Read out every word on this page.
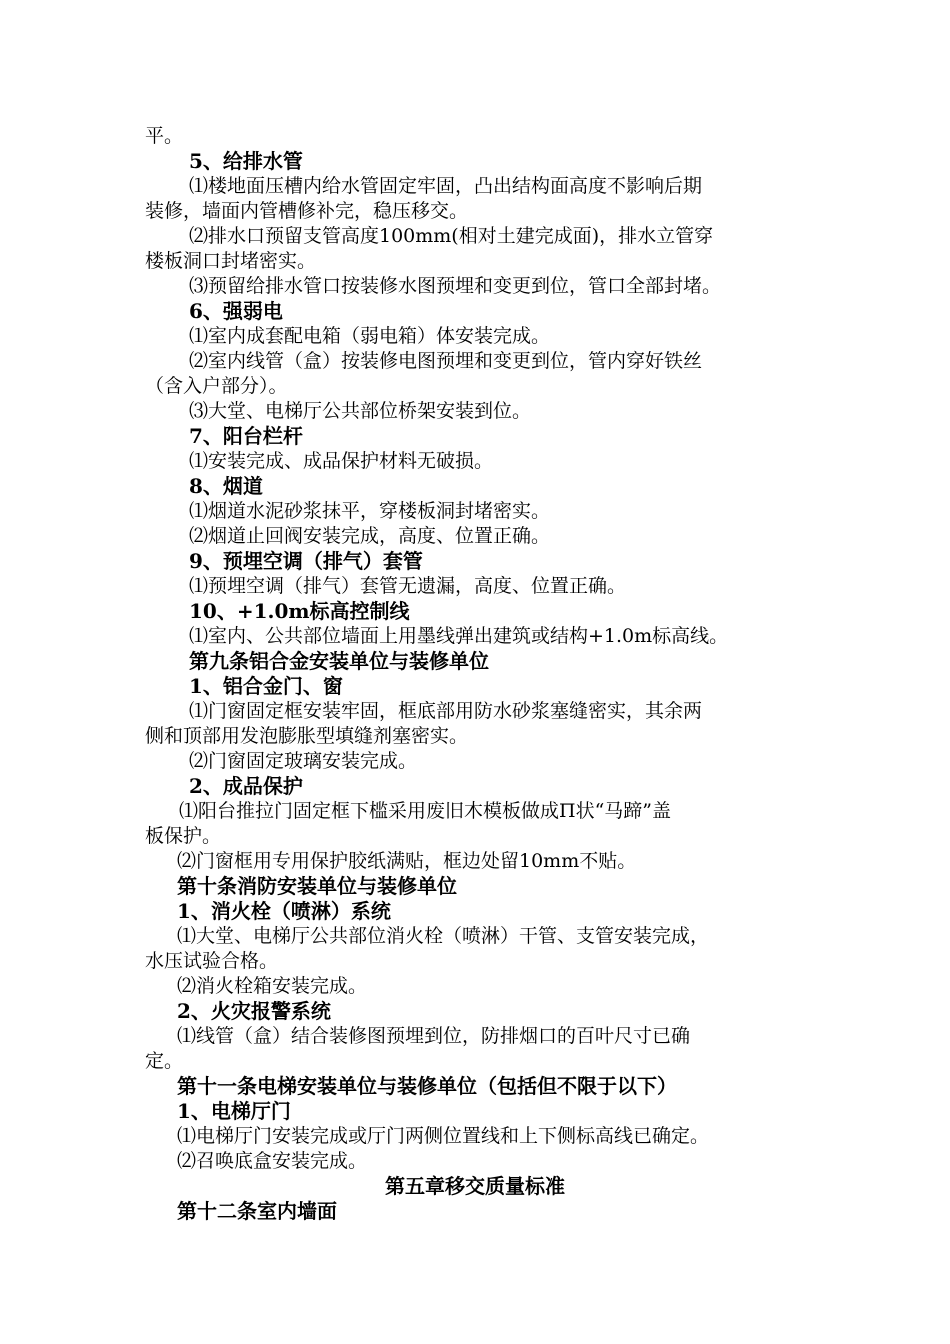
平。
5、给排水管
⑴楼地面压槽内给水管固定牢固，凸出结构面高度不影响后期
装修，墙面内管槽修补完，稳压移交。
⑵排水口预留支管高度100mm(相对土建完成面)，排水立管穿
楼板洞口封堵密实。
⑶预留给排水管口按装修水图预埋和变更到位，管口全部封堵。
6、强弱电
⑴室内成套配电箱（弱电箱）体安装完成。
⑵室内线管（盒）按装修电图预埋和变更到位，管内穿好铁丝
（含入户部分）。
⑶大堂、电梯厅公共部位桥架安装到位。
7、阳台栏杆
⑴安装完成、成品保护材料无破损。
8、烟道
⑴烟道水泥砂浆抹平，穿楼板洞封堵密实。
⑵烟道止回阀安装完成，高度、位置正确。
9、预埋空调（排气）套管
⑴预埋空调（排气）套管无遗漏，高度、位置正确。
10、+1.0m标高控制线
⑴室内、公共部位墙面上用墨线弹出建筑或结构+1.0m标高线。
第九条铝合金安装单位与装修单位
1、铝合金门、窗
⑴门窗固定框安装牢固，框底部用防水砂浆塞缝密实，其余两
侧和顶部用发泡膨胀型填缝剂塞密实。
⑵门窗固定玻璃安装完成。
2、成品保护
⑴阳台推拉门固定框下槛采用废旧木模板做成Π状“马蹄”盖
板保护。
⑵门窗框用专用保护胶纸满贴，框边处留10mm不贴。
第十条消防安装单位与装修单位
1、消火栓（喷淋）系统
⑴大堂、电梯厅公共部位消火栓（喷淋）干管、支管安装完成，
水压试验合格。
⑵消火栓箱安装完成。
2、火灾报警系统
⑴线管（盒）结合装修图预埋到位，防排烟口的百叶尺寸已确
定。
第十一条电梯安装单位与装修单位（包括但不限于以下）
1、电梯厅门
⑴电梯厅门安装完成或厅门两侧位置线和上下侧标高线已确定。
⑵召唤底盒安装完成。
第五章移交质量标准
第十二条室内墙面
